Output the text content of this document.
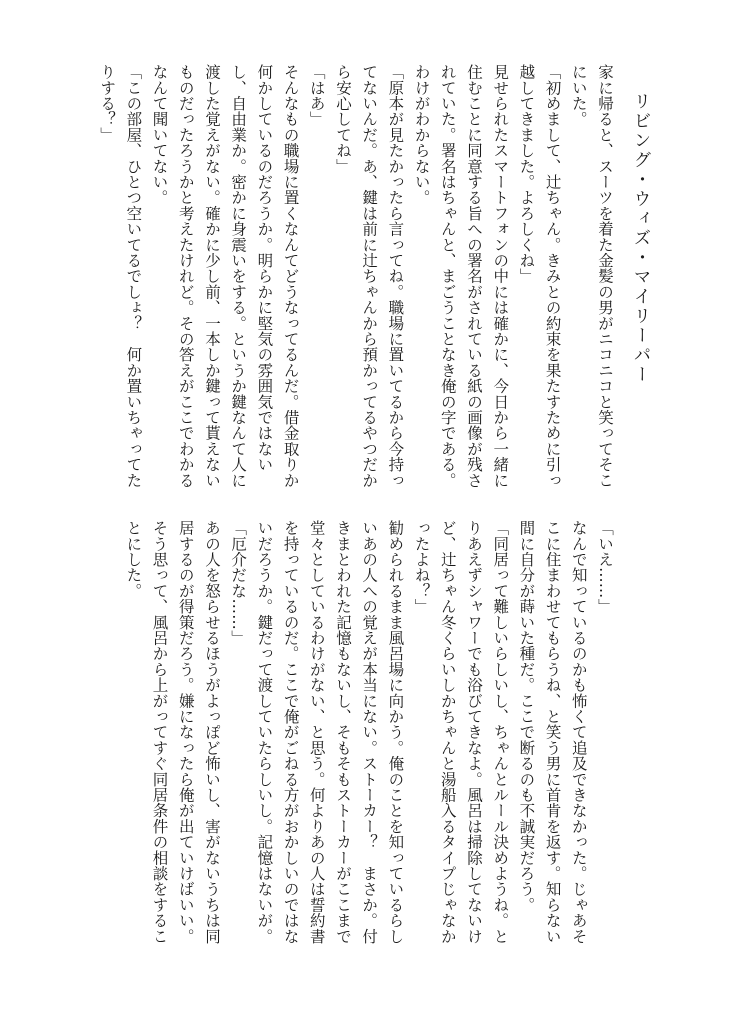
リビング・ウィズ・マイリーパー

家に帰ると、スーツを着た金髪の男がニコニコと笑ってそこにいた。

「初めまして、辻ちゃん。きみとの約束を果たすために引っ越してきました。よろしくね」

見せられたスマートフォンの中には確かに、今日から一緒に住むことに同意する旨への署名がされている紙の画像が残されていた。署名はちゃんと、まごうことなき俺の字である。わけがわからない。

「原本が見たかったら言ってね。職場に置いてるから今持ってないんだ。あ、鍵は前に辻ちゃんから預かってるやつだから安心してね」

「はあ」

そんなもの職場に置くなんてどうなってるんだ。借金取りか何かしているのだろうか。明らかに堅気の雰囲気ではないし、自由業か。密かに身震いをする。というか鍵なんて人に渡した覚えがない。確かに少し前、一本しか鍵って貰えないものだったろうかと考えたけれど。その答えがここでわかるなんて聞いてない。

「この部屋、ひとつ空いてるでしょ？　何か置いちゃってたりする？」

「いえ……」

なんで知っているのかも怖くて追及できなかった。じゃあそこに住まわせてもらうね、と笑う男に首肯を返す。知らない間に自分が蒔いた種だ。ここで断るのも不誠実だろう。

「同居って難しいらしいし、ちゃんとルール決めようね。とりあえずシャワーでも浴びてきなよ。風呂は掃除してないけど、辻ちゃん冬くらいしかちゃんと湯船入るタイプじゃなかったよね？」

勧められるまま風呂場に向かう。俺のことを知っているらしいあの人への覚えが本当にない。ストーカー？　まさか。付きまとわれた記憶もないし、そもそもストーカーがここまで堂々としているわけがない、と思う。何よりあの人は誓約書を持っているのだ。ここで俺がごねる方がおかしいのではないだろうか。鍵だって渡していたらしいし。記憶はないが。

「厄介だな……」

あの人を怒らせるほうがよっぽど怖いし、害がないうちは同居するのが得策だろう。嫌になったら俺が出ていけばいい。そう思って、風呂から上がってすぐ同居条件の相談をすることにした。
